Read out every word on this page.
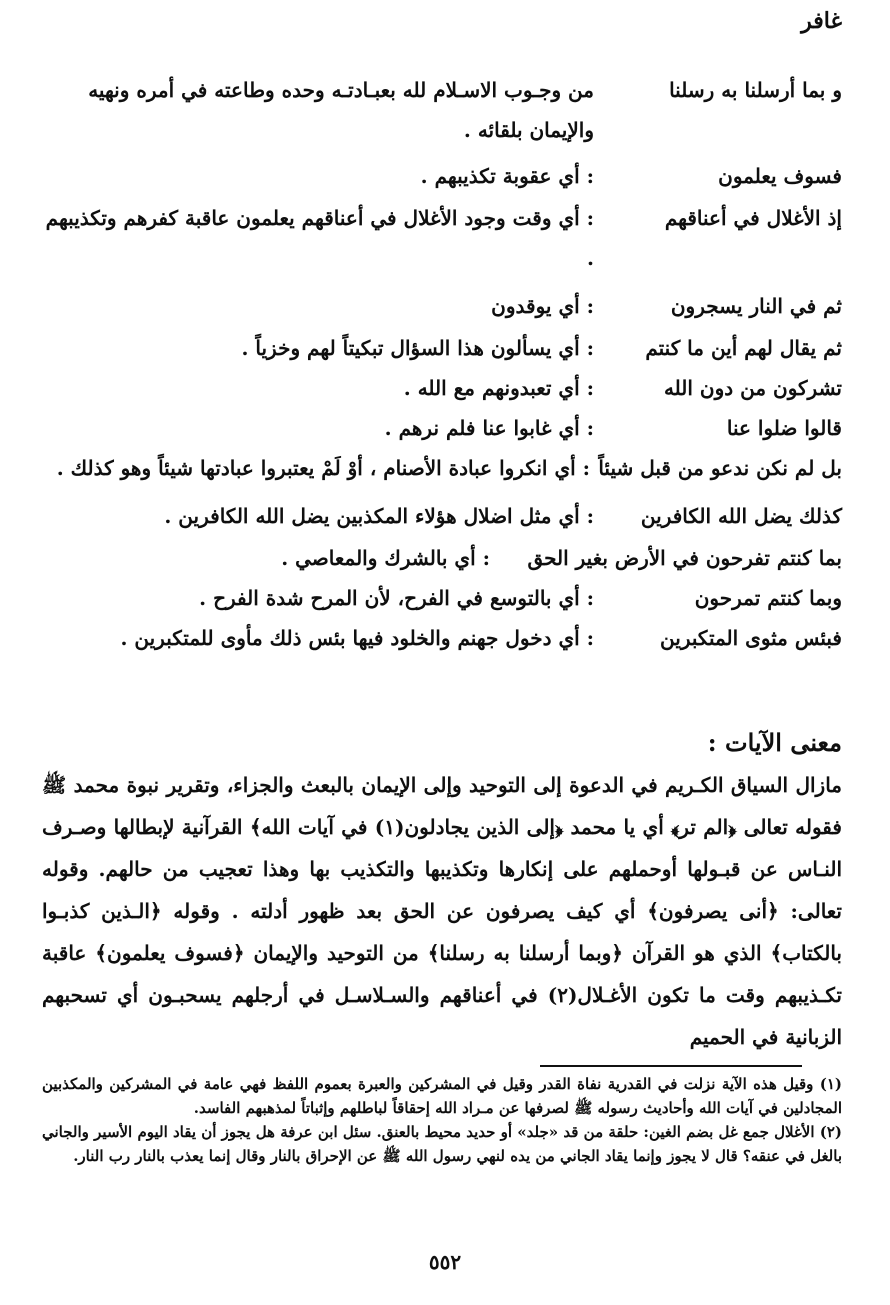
غافر
و بما أرسلنا به رسلنا
من وجـوب الاسـلام لله بعبـادتـه وحده وطاعته في أمره ونهيه والإيمان بلقائه .
فسوف يعلمون
: أي عقوبة تكذيبهم .
إذ الأغلال في أعناقهم
: أي وقت وجود الأغلال في أعناقهم يعلمون عاقبة كفرهم وتكذيبهم .
ثم في النار يسجرون
: أي يوقدون
ثم يقال لهم أين ما كنتم
: أي يسألون هذا السؤال تبكيتاً لهم وخزياً .
تشركون من دون الله
: أي تعبدونهم مع الله .
قالوا ضلوا عنا
: أي غابوا عنا فلم نرهم .
بل لم نكن ندعو من قبل شيئاً
: أي انكروا عبادة الأصنام ، أوْ لَمْ يعتبروا عبادتها شيئاً وهو كذلك .
كذلك يضل الله الكافرين
: أي مثل اضلال هؤلاء المكذبين يضل الله الكافرين .
بما كنتم تفرحون في الأرض بغير الحق
: أي بالشرك والمعاصي .
وبما كنتم تمرحون
: أي بالتوسع في الفرح، لأن المرح شدة الفرح .
فبئس مثوى المتكبرين
: أي دخول جهنم والخلود فيها بئس ذلك مأوى للمتكبرين .
معنى الآيات :

مازال السياق الكـريم في الدعوة إلى التوحيد وإلى الإيمان بالبعث والجزاء، وتقرير نبوة محمد ﷺ فقوله تعالى ﴿الم تر﴾ أي يا محمد ﴿إلى الذين يجادلون(١) في آيات الله﴾ القرآنية لإبطالها وصـرف النـاس عن قبـولها أوحملهم على إنكارها وتكذيبها والتكذيب بها وهذا تعجيب من حالهم. وقوله تعالى: ﴿أنى يصرفون﴾ أي كيف يصرفون عن الحق بعد ظهور أدلته . وقوله ﴿الـذين كذبـوا بالكتاب﴾ الذي هو القرآن ﴿وبما أرسلنا به رسلنا﴾ من التوحيد والإيمان ﴿فسوف يعلمون﴾ عاقبة تكـذيبهم وقت ما تكون الأغـلال(٢) في أعناقهم والسـلاسـل في أرجلهم يسحبـون أي تسحبهم الزبانية في الحميم

(١) وقيل هذه الآية نزلت في القدرية نفاة القدر وقيل في المشركين والعبرة بعموم اللفظ فهي عامة في المشركين والمكذبين المجادلين في آيات الله وأحاديث رسوله ﷺ لصرفها عن مـراد الله إحقاقاً لباطلهم وإثباتاً لمذهبهم الفاسد.

(٢) الأغلال جمع غل بضم الغين: حلقة من قد «جلد» أو حديد محيط بالعنق. سئل ابن عرفة هل يجوز أن يقاد اليوم الأسير والجاني بالغل في عنقه؟ قال لا يجوز وإنما يقاد الجاني من يده لنهي رسول الله ﷺ عن الإحراق بالنار وقال إنما يعذب بالنار رب النار.

٥٥٢
